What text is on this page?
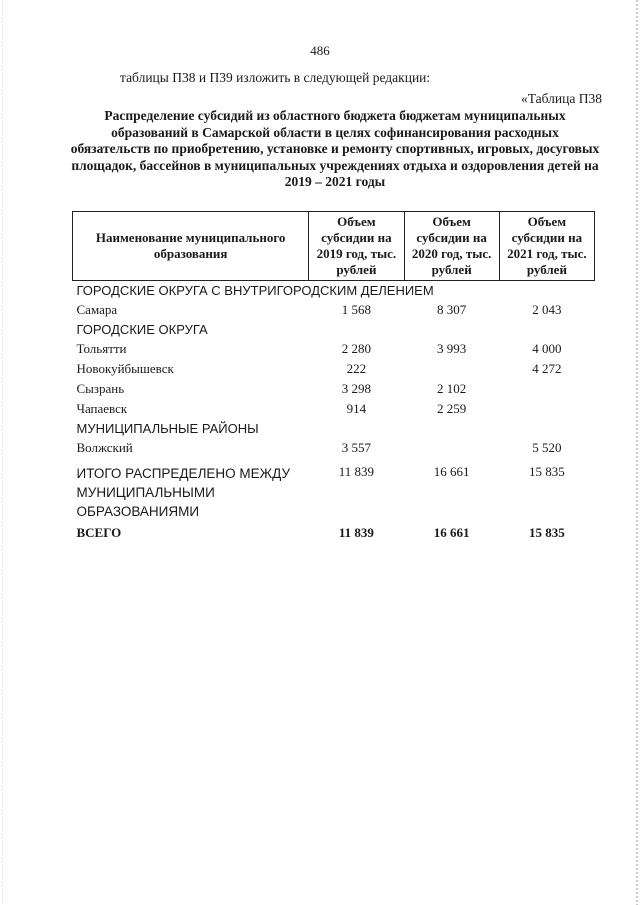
486
таблицы П38 и П39 изложить в следующей редакции:
«Таблица П38
Распределение субсидий из областного бюджета бюджетам муниципальных образований в Самарской области в целях софинансирования расходных обязательств по приобретению, установке и ремонту спортивных, игровых, досуговых площадок, бассейнов в муниципальных учреждениях отдыха и оздоровления детей на 2019 – 2021 годы
Наименование муниципального образования	Объем субсидии на 2019 год, тыс. рублей	Объем субсидии на 2020 год, тыс. рублей	Объем субсидии на 2021 год, тыс. рублей
ГОРОДСКИЕ ОКРУГА С ВНУТРИГОРОДСКИМ ДЕЛЕНИЕМ			
Самара	1 568	8 307	2 043
ГОРОДСКИЕ ОКРУГА			
Тольятти	2 280	3 993	4 000
Новокуйбышевск	222		4 272
Сызрань	3 298	2 102	
Чапаевск	914	2 259	
МУНИЦИПАЛЬНЫЕ РАЙОНЫ			
Волжский	3 557		5 520
ИТОГО РАСПРЕДЕЛЕНО МЕЖДУ МУНИЦИПАЛЬНЫМИ ОБРАЗОВАНИЯМИ	11 839	16 661	15 835
ВСЕГО	11 839	16 661	15 835
